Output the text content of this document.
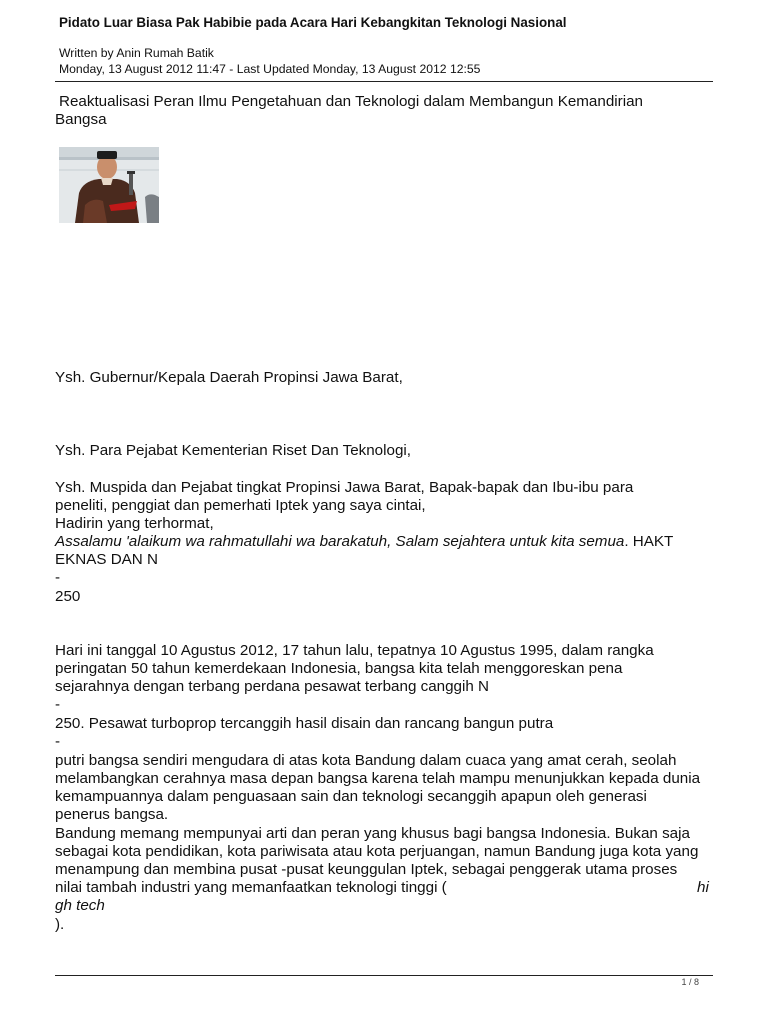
Pidato Luar Biasa Pak Habibie pada Acara Hari Kebangkitan Teknologi Nasional
Written by Anin Rumah Batik
Monday, 13 August 2012 11:47 - Last Updated Monday, 13 August 2012 12:55
Reaktualisasi Peran Ilmu Pengetahuan dan Teknologi dalam Membangun Kemandirian
Bangsa
Ysh. Gubernur/Kepala Daerah Propinsi Jawa Barat,
Ysh. Para Pejabat Kementerian Riset Dan Teknologi,
Ysh. Muspida dan Pejabat tingkat Propinsi Jawa Barat, Bapak-bapak dan Ibu-ibu para
peneliti, penggiat dan pemerhati Iptek yang saya cintai,
Hadirin yang terhormat,
Assalamu 'alaikum wa rahmatullahi wa barakatuh, Salam sejahtera untuk kita semua. HAKT
EKNAS DAN N
-
250
Hari ini tanggal 10 Agustus 2012, 17 tahun lalu, tepatnya 10 Agustus 1995, dalam rangka
peringatan 50 tahun kemerdekaan Indonesia, bangsa kita telah menggoreskan pena
sejarahnya dengan terbang perdana pesawat terbang canggih N
-
250. Pesawat turboprop tercanggih hasil disain dan rancang bangun putra
-
putri bangsa sendiri mengudara di atas kota Bandung dalam cuaca yang amat cerah, seolah
melambangkan cerahnya masa depan bangsa karena telah mampu menunjukkan kepada dunia
kemampuannya dalam penguasaan sain dan teknologi secanggih apapun oleh generasi
penerus bangsa.
Bandung memang mempunyai arti dan peran yang khusus bagi bangsa Indonesia. Bukan saja
sebagai kota pendidikan, kota pariwisata atau kota perjuangan, namun Bandung juga kota yang
menampung dan membina pusat -pusat keunggulan Iptek, sebagai penggerak utama proses
nilai tambah industri yang memanfaatkan teknologi tinggi (	hi
gh tech
).
1 / 8
